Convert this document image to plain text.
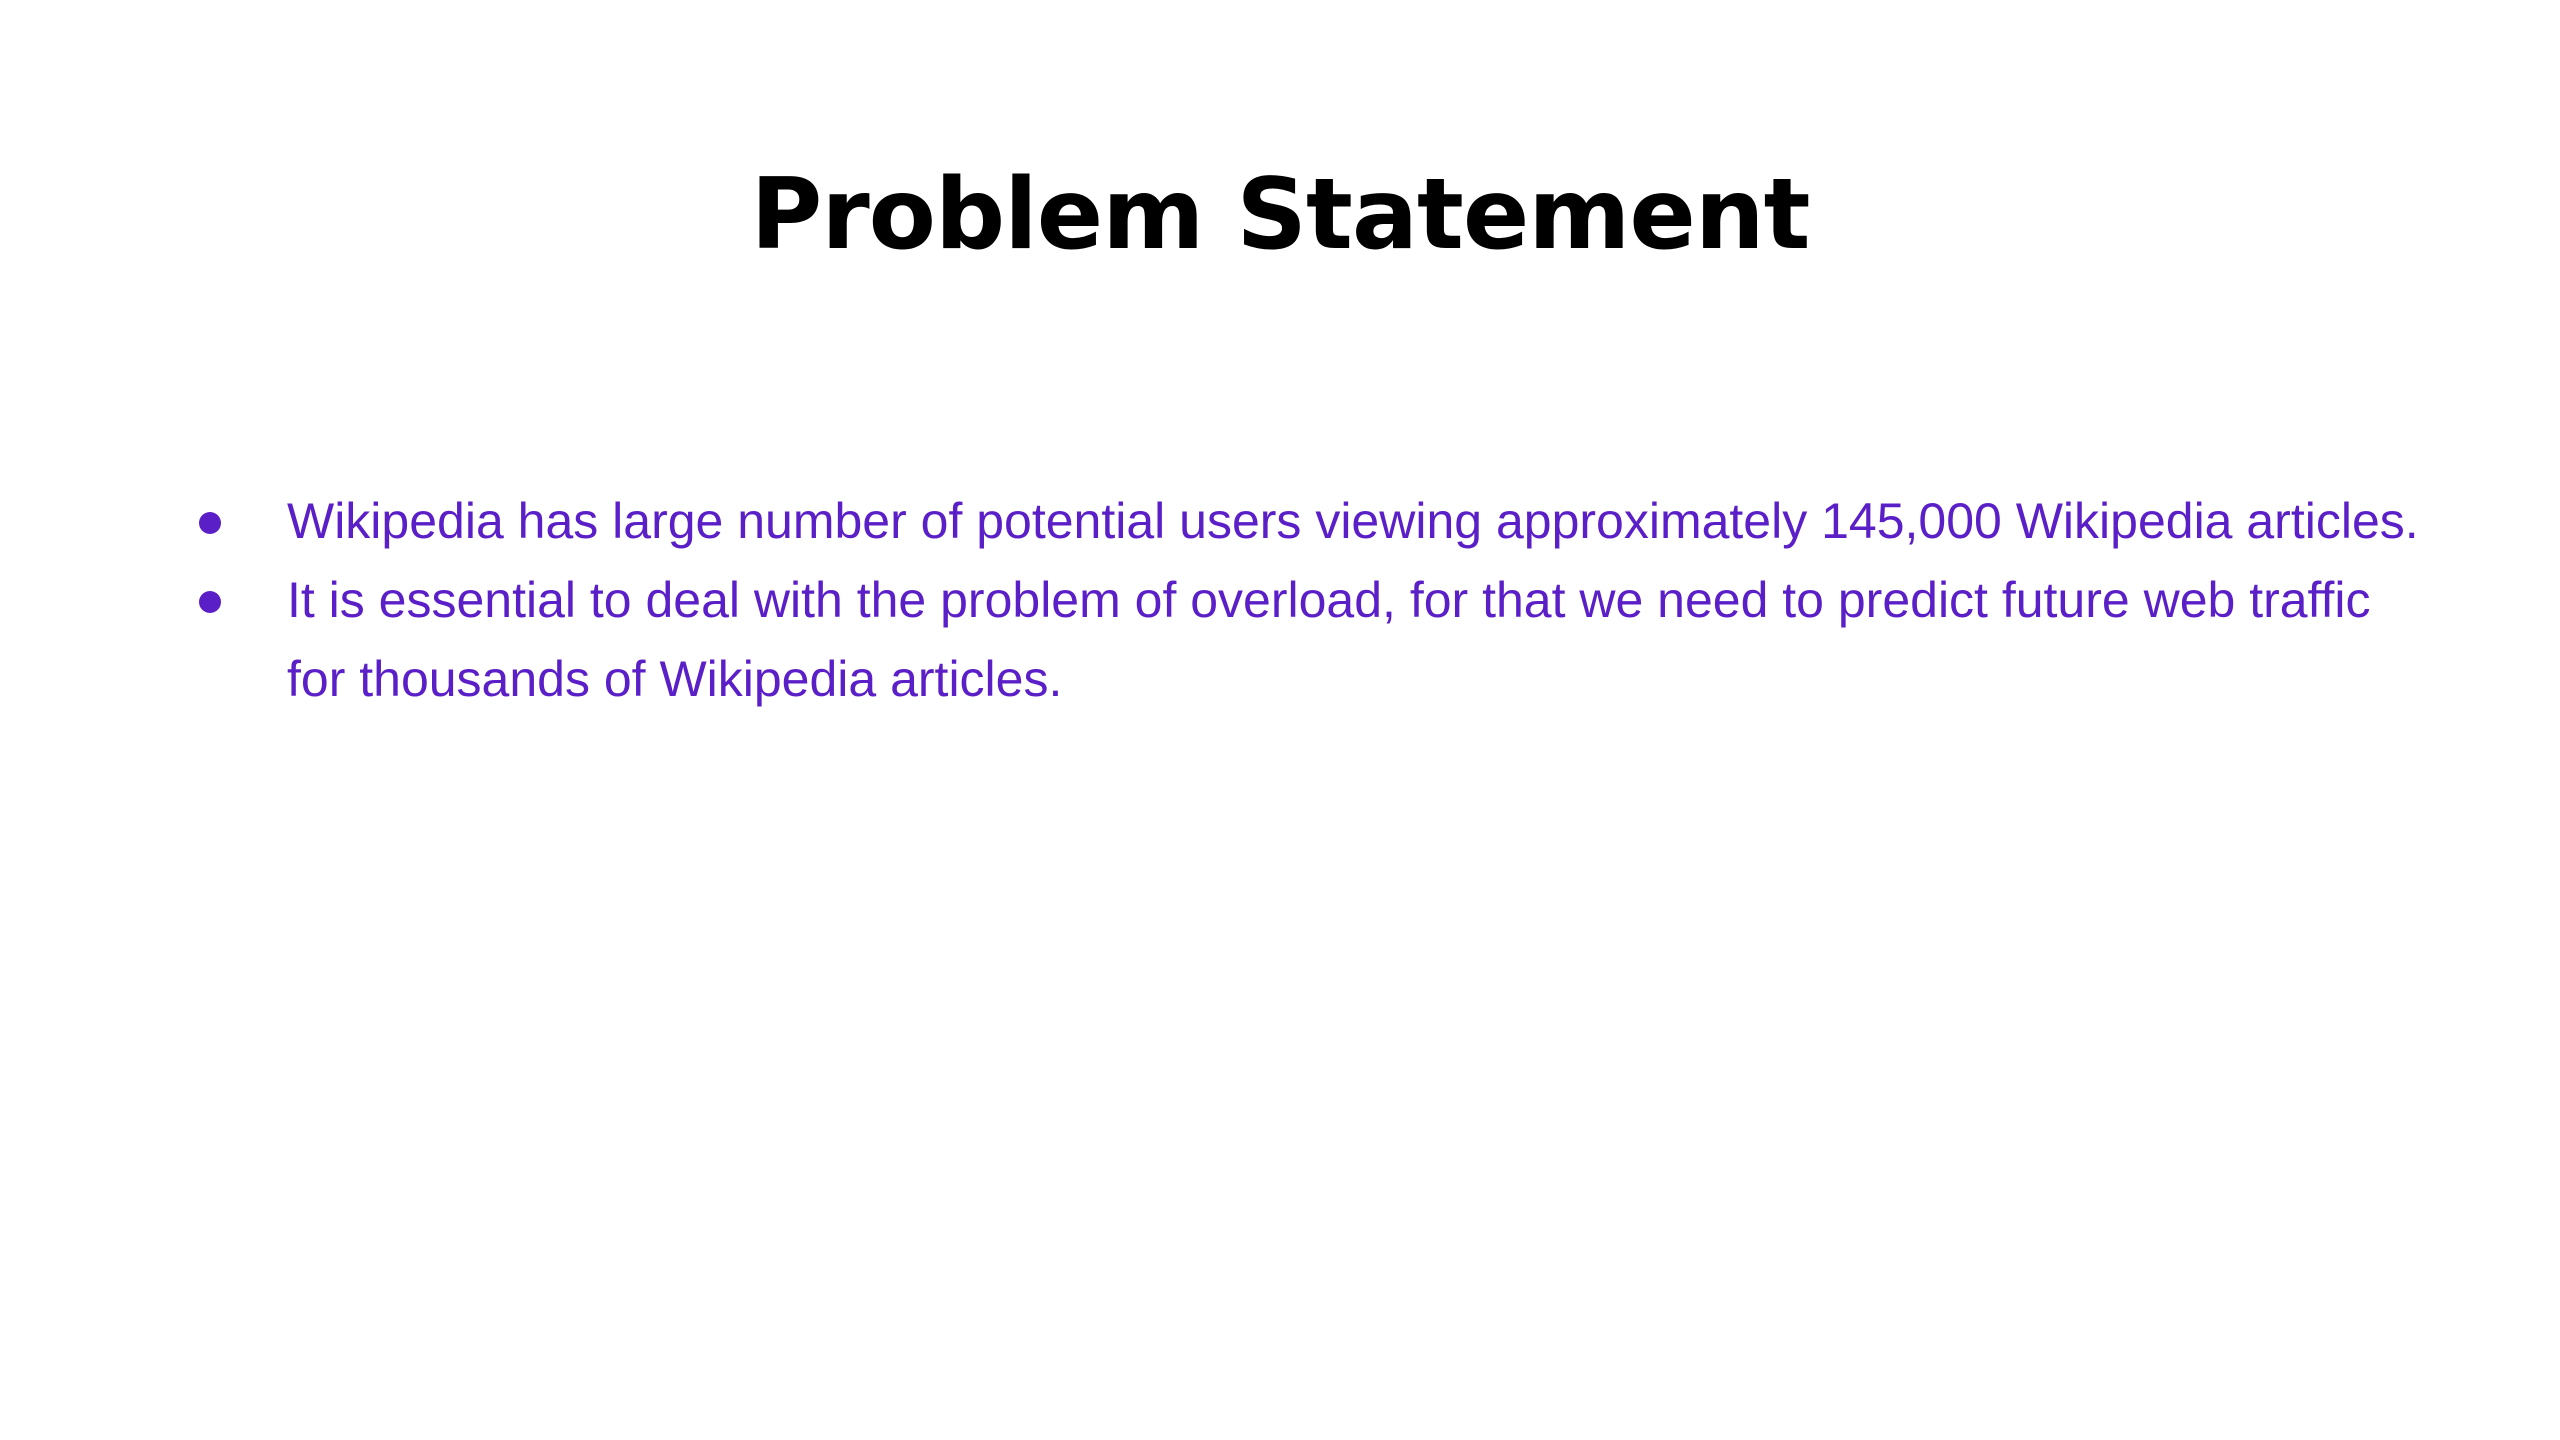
Problem Statement
Wikipedia has large number of potential users viewing approximately 145,000 Wikipedia articles.
It is essential to deal with the problem of overload, for that we need to predict future web traffic for thousands of Wikipedia articles.
